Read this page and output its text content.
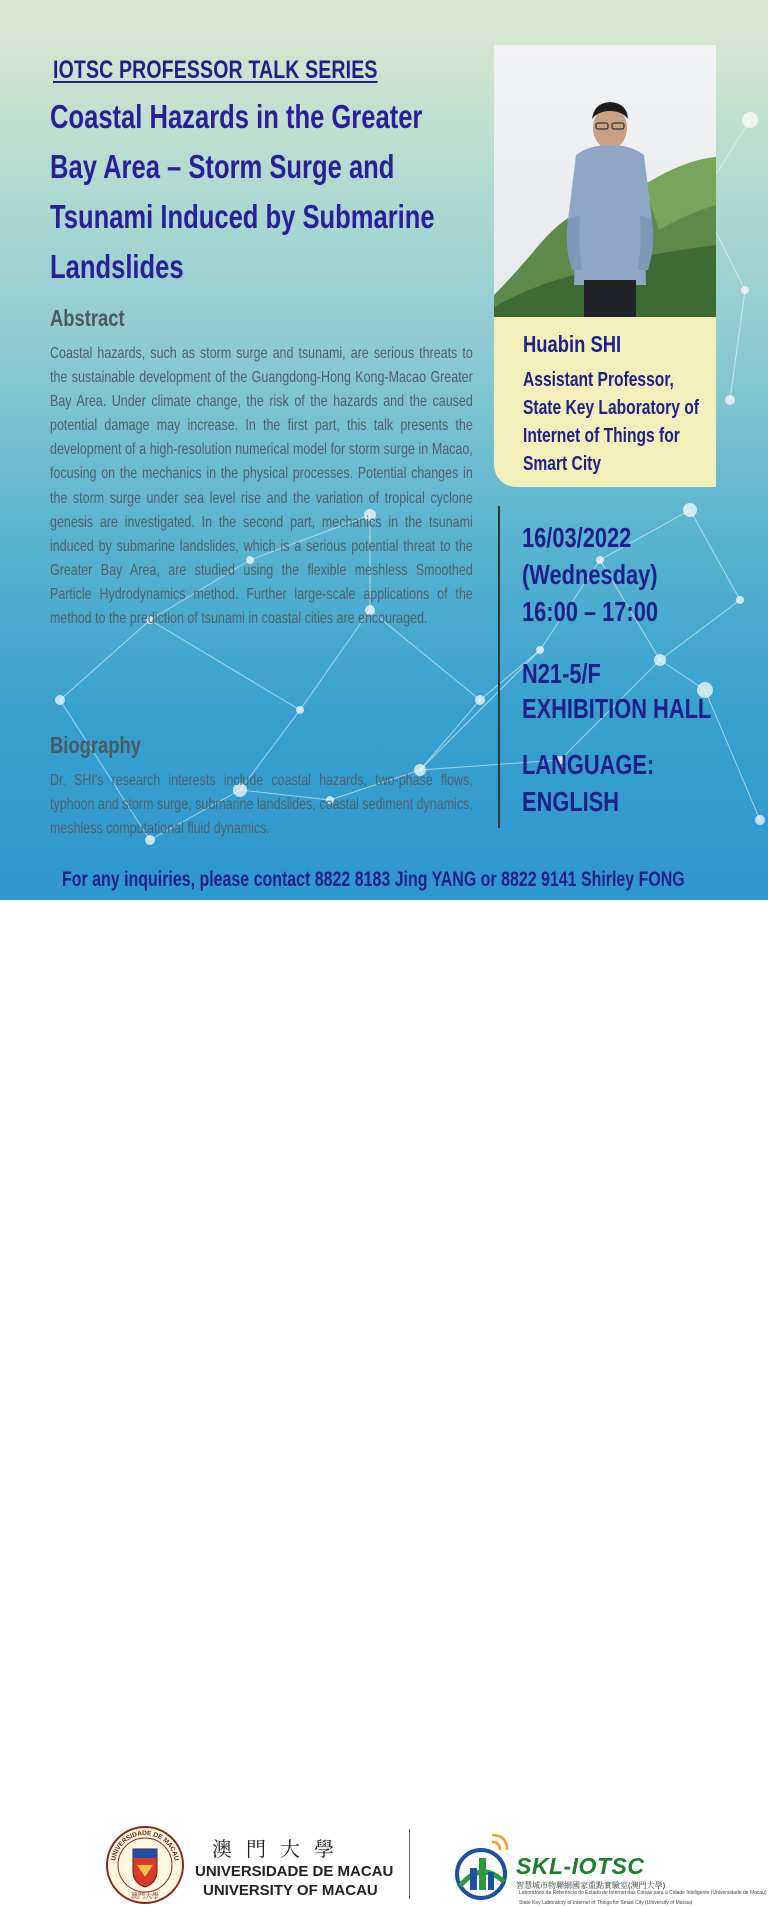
IOTSC PROFESSOR TALK SERIES

Coastal Hazards in the Greater Bay Area – Storm Surge and Tsunami Induced by Submarine Landslides
Abstract

Coastal hazards, such as storm surge and tsunami, are serious threats to the sustainable development of the Guangdong-Hong Kong-Macao Greater Bay Area. Under climate change, the risk of the hazards and the caused potential damage may increase. In the first part, this talk presents the development of a high-resolution numerical model for storm surge in Macao, focusing on the mechanics in the physical processes. Potential changes in the storm surge under sea level rise and the variation of tropical cyclone genesis are investigated. In the second part, mechanics in the tsunami induced by submarine landslides, which is a serious potential threat to the Greater Bay Area, are studied using the flexible meshless Smoothed Particle Hydrodynamics method. Further large-scale applications of the method to the prediction of tsunami in coastal cities are encouraged.

Biography

Dr. SHI's research interests include coastal hazards, two-phase flows, typhoon and storm surge, submarine landslides, coastal sediment dynamics, meshless computational fluid dynamics.

Huabin SHI

Assistant Professor, State Key Laboratory of Internet of Things for Smart City

16/03/2022

(Wednesday)

16:00 – 17:00

N21-5/F

EXHIBITION HALL

LANGUAGE:

ENGLISH

For any inquiries, please contact 8822 8183 Jing YANG or 8822 9141 Shirley FONG

UNIVERSIDADE DE MACAU
澳門大學

澳門大學

UNIVERSIDADE DE MACAU

UNIVERSITY OF MACAU

SKL-IOTSC

智慧城市物聯網國家重點實驗室(澳門大學)

Laboratório de Referência do Estado de Internet das Coisas para a Cidade Inteligente (Universidade de Macau)

State Key Laboratory of Internet of Things for Smart City (University of Macau)
